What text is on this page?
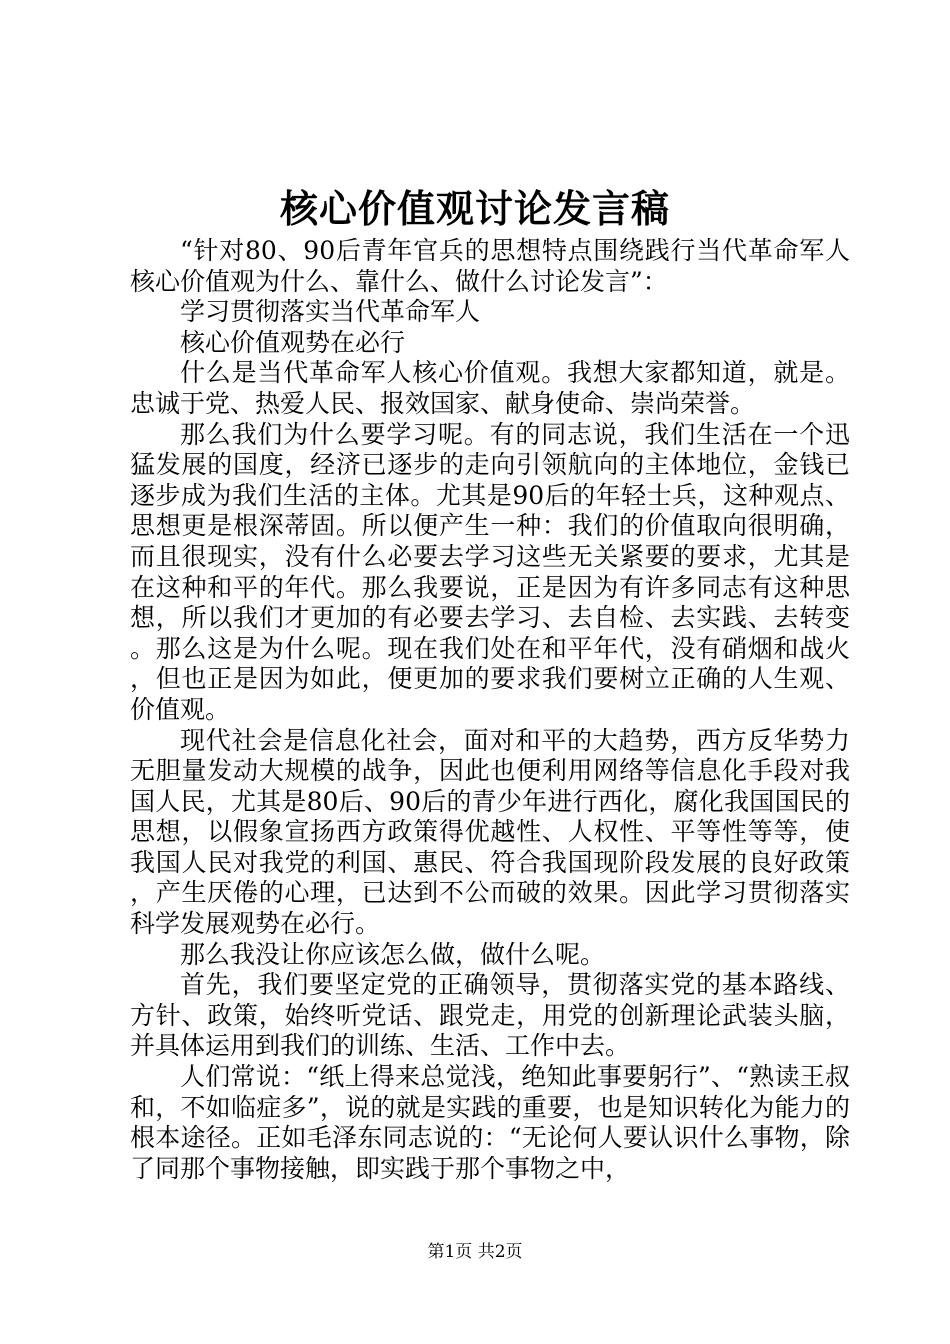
核心价值观讨论发言稿

“针对80、90后青年官兵的思想特点围绕践行当代革命军人核心价值观为什么、靠什么、做什么讨论发言”：

学习贯彻落实当代革命军人

核心价值观势在必行

什么是当代革命军人核心价值观。我想大家都知道，就是。忠诚于党、热爱人民、报效国家、献身使命、崇尚荣誉。

那么我们为什么要学习呢。有的同志说，我们生活在一个迅猛发展的国度，经济已逐步的走向引领航向的主体地位，金钱已逐步成为我们生活的主体。尤其是90后的年轻士兵，这种观点、思想更是根深蒂固。所以便产生一种：我们的价值取向很明确，而且很现实，没有什么必要去学习这些无关紧要的要求，尤其是在这种和平的年代。那么我要说，正是因为有许多同志有这种思想，所以我们才更加的有必要去学习、去自检、去实践、去转变。那么这是为什么呢。现在我们处在和平年代，没有硝烟和战火，但也正是因为如此，便更加的要求我们要树立正确的人生观、价值观。

现代社会是信息化社会，面对和平的大趋势，西方反华势力无胆量发动大规模的战争，因此也便利用网络等信息化手段对我国人民，尤其是80后、90后的青少年进行西化，腐化我国国民的思想，以假象宣扬西方政策得优越性、人权性、平等性等等，使我国人民对我党的利国、惠民、符合我国现阶段发展的良好政策，产生厌倦的心理，已达到不公而破的效果。因此学习贯彻落实科学发展观势在必行。

那么我没让你应该怎么做，做什么呢。

首先，我们要坚定党的正确领导，贯彻落实党的基本路线、方针、政策，始终听党话、跟党走，用党的创新理论武装头脑，并具体运用到我们的训练、生活、工作中去。

人们常说：“纸上得来总觉浅，绝知此事要躬行”、“熟读王叔和，不如临症多”，说的就是实践的重要，也是知识转化为能力的根本途径。正如毛泽东同志说的：“无论何人要认识什么事物，除了同那个事物接触，即实践于那个事物之中，

第1页 共2页
